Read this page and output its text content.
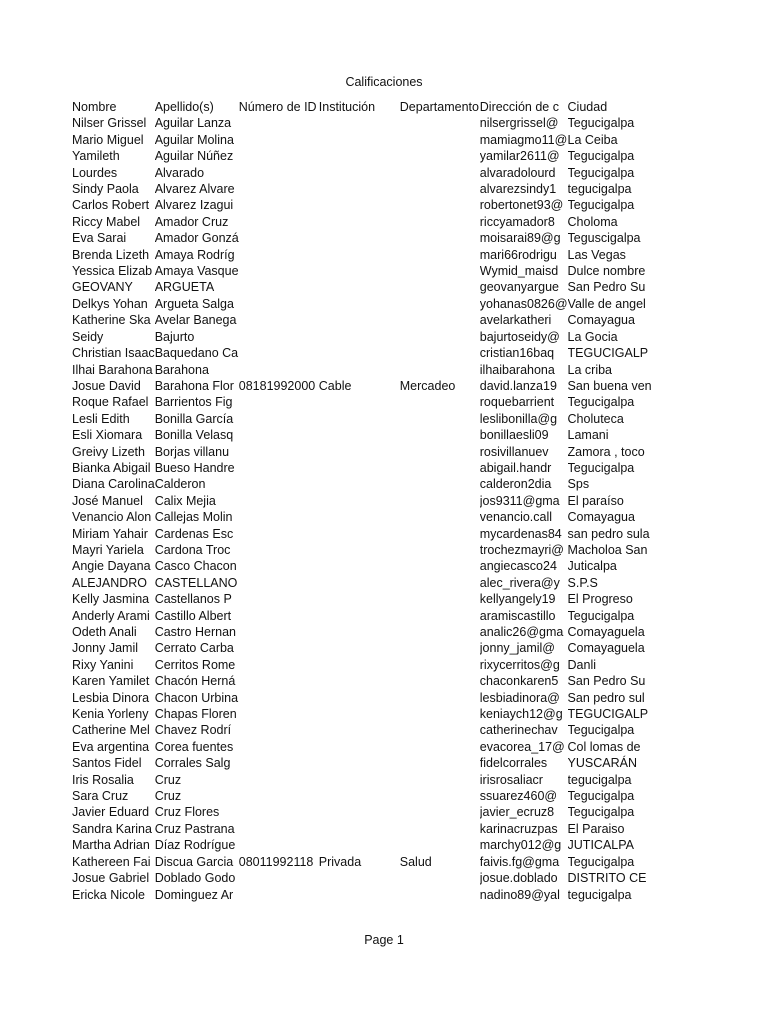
Calificaciones
Nombre	Apellido(s)	Número de ID	Institución	Departamento	Dirección de c	Ciudad
Nilser Grissel	Aguilar Lanza				nilsergrissel@	Tegucigalpa
Mario Miguel	Aguilar Molina				mamiagmo11@	La Ceiba
Yamileth	Aguilar Núñez				yamilar2611@	Tegucigalpa
Lourdes	Alvarado				alvaradolourd	Tegucigalpa
Sindy Paola	Alvarez Alvare				alvarezsindy1	tegucigalpa
Carlos Robert	Alvarez Izagui				robertonet93@	Tegucigalpa
Riccy Mabel	Amador Cruz				riccyamador8	Choloma
Eva Sarai	Amador Gonzá				moisarai89@g	Teguscigalpa
Brenda Lizeth	Amaya Rodríg				mari66rodrigu	Las Vegas
Yessica Elizab	Amaya Vasque				Wymid_maisd	Dulce nombre
GEOVANY	ARGUETA				geovanyargue	San Pedro Su
Delkys Yohan	Argueta Salga				yohanas0826@	Valle de angel
Katherine Ska	Avelar Banega				avelarkatheri	Comayagua
Seidy	Bajurto				bajurtoseidy@	La Gocia
Christian Isaac	Baquedano Ca				cristian16baq	TEGUCIGALP
Ilhai Barahona	Barahona				ilhaibarahona	La criba
Josue David	Barahona Flor	08181992000	Cable	Mercadeo	david.lanza19	San buena ven
Roque Rafael	Barrientos Fig				roquebarrient	Tegucigalpa
Lesli Edith	Bonilla García				leslibonilla@g	Choluteca
Esli Xiomara	Bonilla Velasq				bonillaesli09	Lamani
Greivy Lizeth	Borjas villanu				rosivillanuev	Zamora , toco
Bianka Abigail	Bueso Handre				abigail.handr	Tegucigalpa
Diana Carolina	Calderon				calderon2dia	Sps
José Manuel	Calix Mejia				jos9311@gma	El paraíso
Venancio Alon	Callejas Molin				venancio.call	Comayagua
Miriam Yahair	Cardenas Esc				mycardenas84	san pedro sula
Mayri Yariela	Cardona Troc				trochezmayri@	Macholoa San
Angie Dayana	Casco Chacon				angiecasco24	Juticalpa
ALEJANDRO	CASTELLANO				alec_rivera@y	S.P.S
Kelly Jasmina	Castellanos P				kellyangely19	El Progreso
Anderly Arami	Castillo Albert				aramiscastillo	Tegucigalpa
Odeth Anali	Castro Hernan				analic26@gma	Comayaguela
Jonny Jamil	Cerrato Carba				jonny_jamil@	Comayaguela
Rixy Yanini	Cerritos Rome				rixycerritos@g	Danli
Karen Yamilet	Chacón Herná				chaconkaren5	San Pedro Su
Lesbia Dinora	Chacon Urbina				lesbiadinora@	San pedro sul
Kenia Yorleny	Chapas Floren				keniaych12@g	TEGUCIGALP
Catherine Mel	Chavez Rodrí				catherinechav	Tegucigalpa
Eva argentina	Corea fuentes				evacorea_17@	Col lomas de
Santos Fidel	Corrales Salg				fidelcorrales	YUSCARÁN
Iris Rosalia	Cruz				irisrosaliacr	tegucigalpa
Sara Cruz	Cruz				ssuarez460@	Tegucigalpa
Javier Eduard	Cruz Flores				javier_ecruz8	Tegucigalpa
Sandra Karina	Cruz Pastrana				karinacruzpas	El Paraiso
Martha Adrian	Díaz Rodrígue				marchy012@g	JUTICALPA
Kathereen Fai	Discua Garcia	08011992118	Privada	Salud	faivis.fg@gma	Tegucigalpa
Josue Gabriel	Doblado Godo				josue.doblado	DISTRITO CE
Ericka Nicole	Dominguez Ar				nadino89@yal	tegucigalpa
Page 1
